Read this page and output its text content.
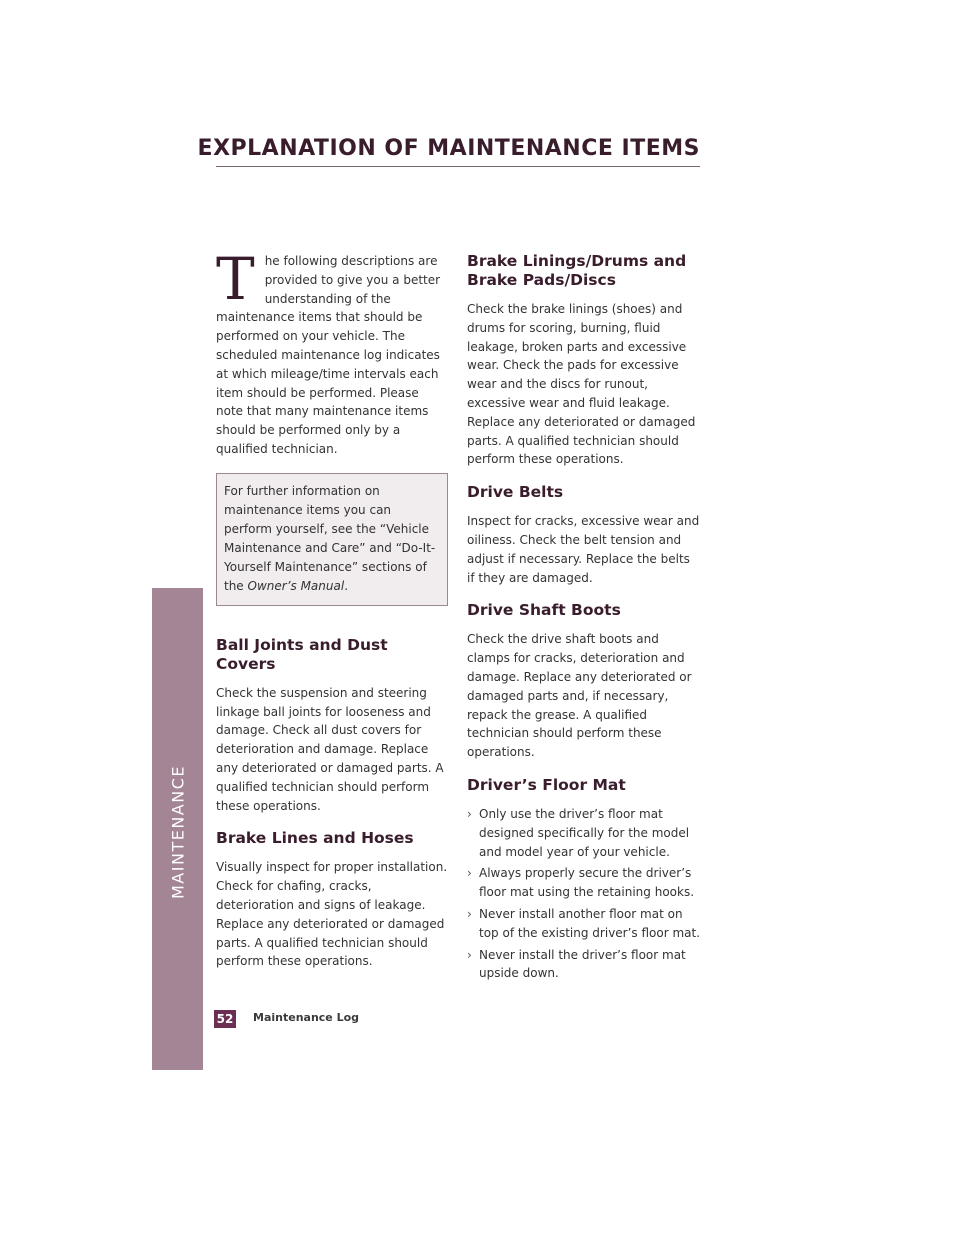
MAINTENANCE
EXPLANATION OF MAINTENANCE ITEMS
T he following descriptions are provided to give you a better understanding of the maintenance items that should be performed on your vehicle. The scheduled maintenance log indicates at which mileage/time intervals each item should be performed. Please note that many maintenance items should be performed only by a qualified technician.

For further information on maintenance items you can perform yourself, see the “Vehicle Maintenance and Care” and “Do-It-Yourself Maintenance” sections of the Owner’s Manual.

Ball Joints and Dust Covers

Check the suspension and steering linkage ball joints for looseness and damage. Check all dust covers for deterioration and damage. Replace any deteriorated or damaged parts. A qualified technician should perform these operations.

Brake Lines and Hoses

Visually inspect for proper installation. Check for chafing, cracks, deterioration and signs of leakage. Replace any deteriorated or damaged parts. A qualified technician should perform these operations.

Brake Linings/Drums and Brake Pads/Discs

Check the brake linings (shoes) and drums for scoring, burning, fluid leakage, broken parts and excessive wear. Check the pads for excessive wear and the discs for runout, excessive wear and fluid leakage. Replace any deteriorated or damaged parts. A qualified technician should perform these operations.

Drive Belts

Inspect for cracks, excessive wear and oiliness. Check the belt tension and adjust if necessary. Replace the belts if they are damaged.

Drive Shaft Boots

Check the drive shaft boots and clamps for cracks, deterioration and damage. Replace any deteriorated or damaged parts and, if necessary, repack the grease. A qualified technician should perform these operations.

Driver’s Floor Mat
› Only use the driver’s floor mat designed specifically for the model and model year of your vehicle.
› Always properly secure the driver’s floor mat using the retaining hooks.
› Never install another floor mat on top of the existing driver’s floor mat.
› Never install the driver’s floor mat upside down.
52 Maintenance Log
